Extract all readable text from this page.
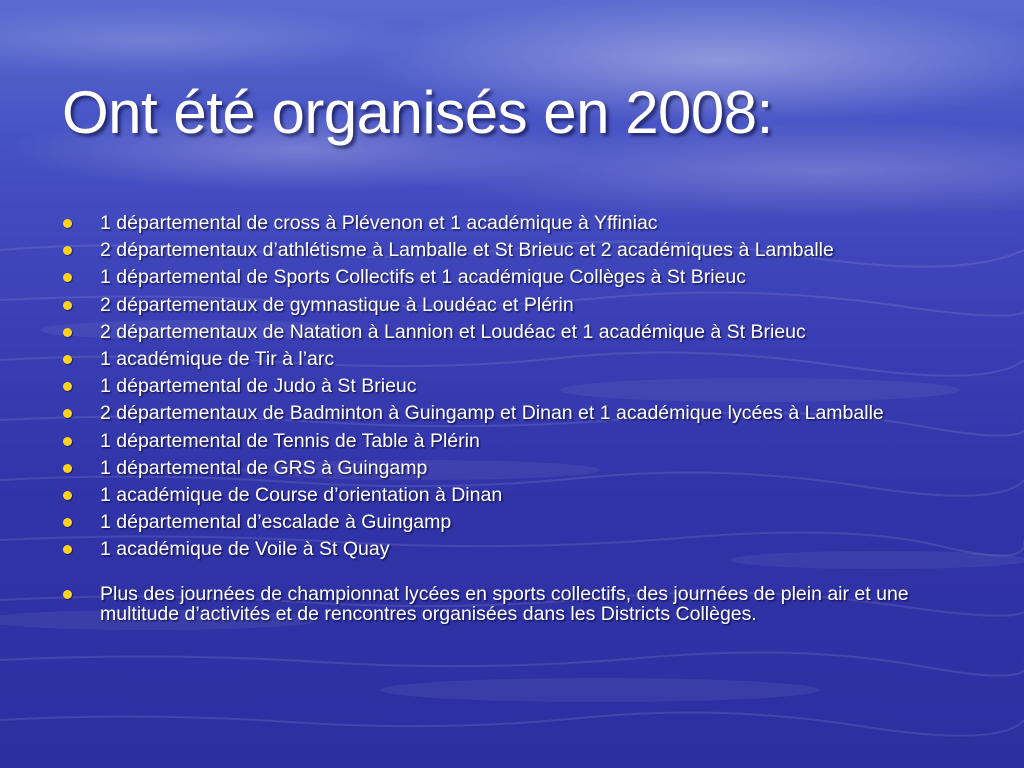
Ont été organisés en 2008:
1 départemental de cross à Plévenon et 1 académique à Yffiniac
2 départementaux d’athlétisme à Lamballe et St Brieuc et 2 académiques à Lamballe
1 départemental de Sports Collectifs et 1 académique Collèges à St Brieuc
2 départementaux de gymnastique à Loudéac et Plérin
2 départementaux de Natation à Lannion et Loudéac et 1 académique à St Brieuc
1 académique de Tir à l’arc
1 départemental de Judo à St Brieuc
2 départementaux de Badminton à Guingamp et Dinan et 1 académique lycées à Lamballe
1 départemental de Tennis de Table à Plérin
1 départemental de GRS à Guingamp
1 académique de Course d’orientation à Dinan
1 départemental d’escalade à Guingamp
1 académique de Voile à St Quay
Plus des journées de championnat lycées en sports collectifs, des journées de plein air et une multitude d’activités et de rencontres organisées dans les Districts Collèges.
